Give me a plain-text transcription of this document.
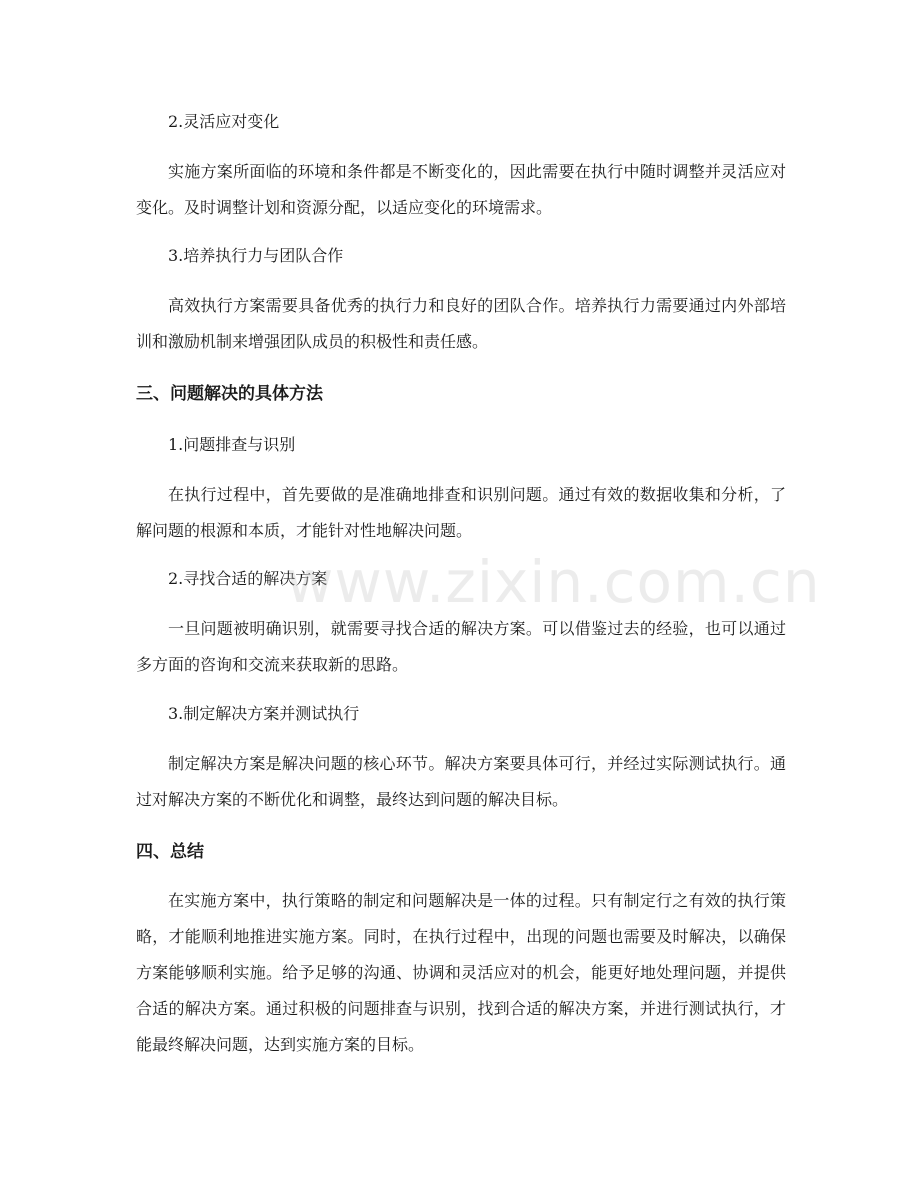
2.灵活应对变化
实施方案所面临的环境和条件都是不断变化的，因此需要在执行中随时调整并灵活应对变化。及时调整计划和资源分配，以适应变化的环境需求。
3.培养执行力与团队合作
高效执行方案需要具备优秀的执行力和良好的团队合作。培养执行力需要通过内外部培训和激励机制来增强团队成员的积极性和责任感。
三、问题解决的具体方法
1.问题排查与识别
在执行过程中，首先要做的是准确地排查和识别问题。通过有效的数据收集和分析，了解问题的根源和本质，才能针对性地解决问题。
2.寻找合适的解决方案
一旦问题被明确识别，就需要寻找合适的解决方案。可以借鉴过去的经验，也可以通过多方面的咨询和交流来获取新的思路。
3.制定解决方案并测试执行
制定解决方案是解决问题的核心环节。解决方案要具体可行，并经过实际测试执行。通过对解决方案的不断优化和调整，最终达到问题的解决目标。
四、总结
在实施方案中，执行策略的制定和问题解决是一体的过程。只有制定行之有效的执行策略，才能顺利地推进实施方案。同时，在执行过程中，出现的问题也需要及时解决，以确保方案能够顺利实施。给予足够的沟通、协调和灵活应对的机会，能更好地处理问题，并提供合适的解决方案。通过积极的问题排查与识别，找到合适的解决方案，并进行测试执行，才能最终解决问题，达到实施方案的目标。
www.zixin.com.cn
